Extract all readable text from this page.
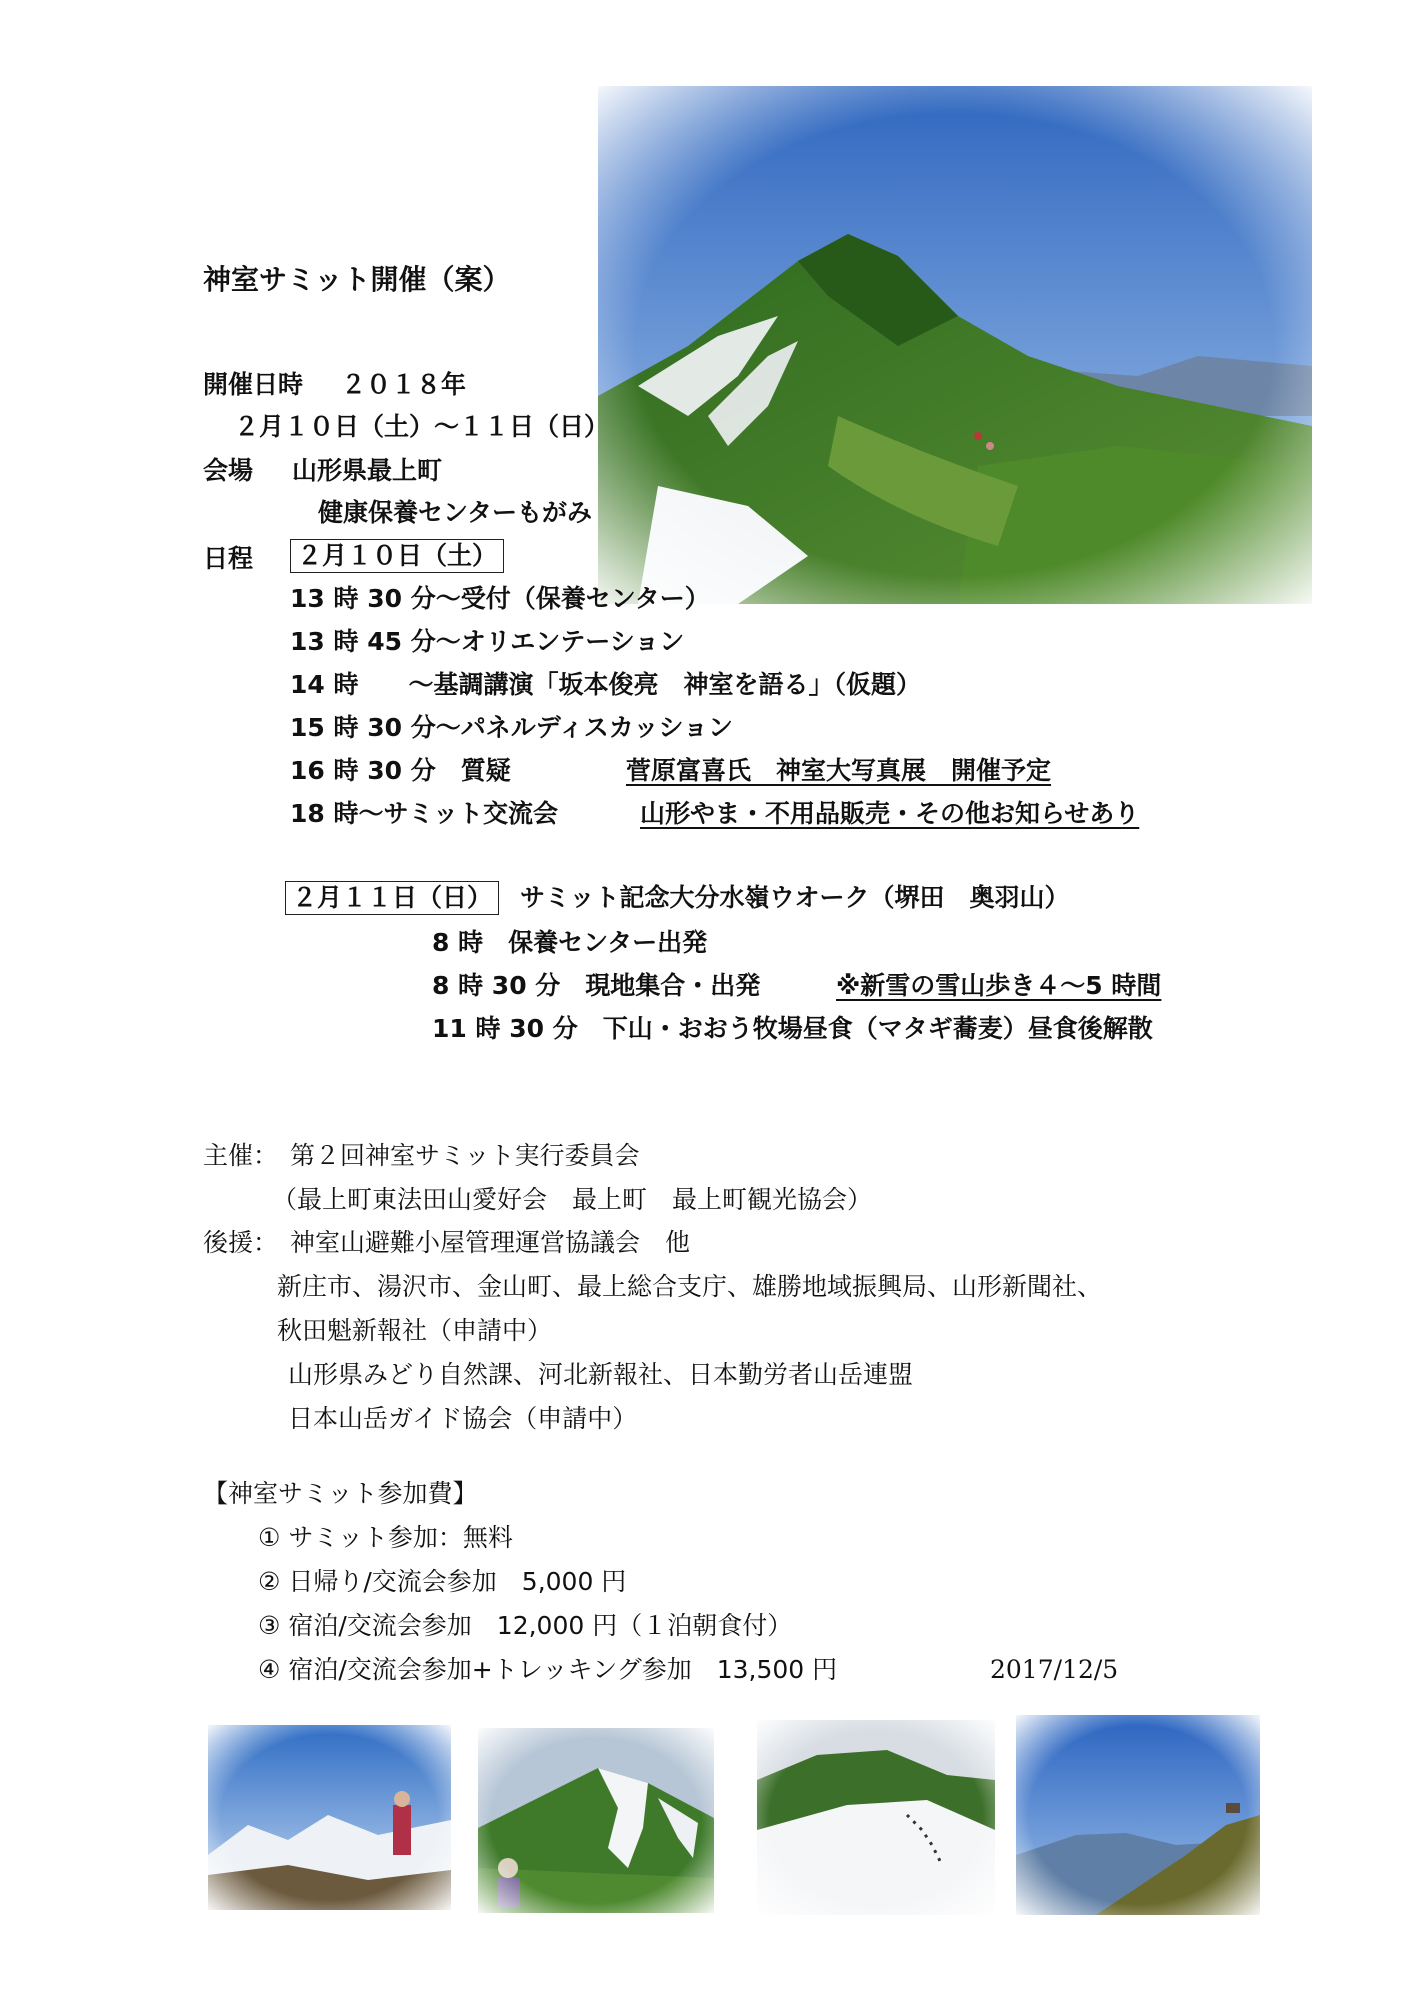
神室サミット開催（案）
開催日時 ２０１８年
２月１０日（土）～１１日（日）
会場 山形県最上町
健康保養センターもがみ
日程 ２月１０日（土）
13 時 30 分～受付（保養センター）
13 時 45 分～オリエンテーション
14 時　　～基調講演「坂本俊亮　神室を語る」（仮題）
15 時 30 分～パネルディスカッション
16 時 30 分　質疑	菅原富喜氏　神室大写真展　開催予定
18 時～サミット交流会	山形やま・不用品販売・その他お知らせあり
２月１１日（日） サミット記念大分水嶺ウオーク（堺田　奥羽山）
8 時　保養センター出発
8 時 30 分　現地集合・出発	※新雪の雪山歩き４～5 時間
11 時 30 分　下山・おおう牧場昼食（マタギ蕎麦）昼食後解散
主催： 第２回神室サミット実行委員会
（最上町東法田山愛好会　最上町　最上町観光協会）
後援： 神室山避難小屋管理運営協議会　他
新庄市、湯沢市、金山町、最上総合支庁、雄勝地域振興局、山形新聞社、
秋田魁新報社（申請中）
山形県みどり自然課、河北新報社、日本勤労者山岳連盟
日本山岳ガイド協会（申請中）
【神室サミット参加費】
① サミット参加：無料
② 日帰り/交流会参加　5,000 円
③ 宿泊/交流会参加　12,000 円（１泊朝食付）
④ 宿泊/交流会参加+トレッキング参加　13,500 円	2017/12/5
